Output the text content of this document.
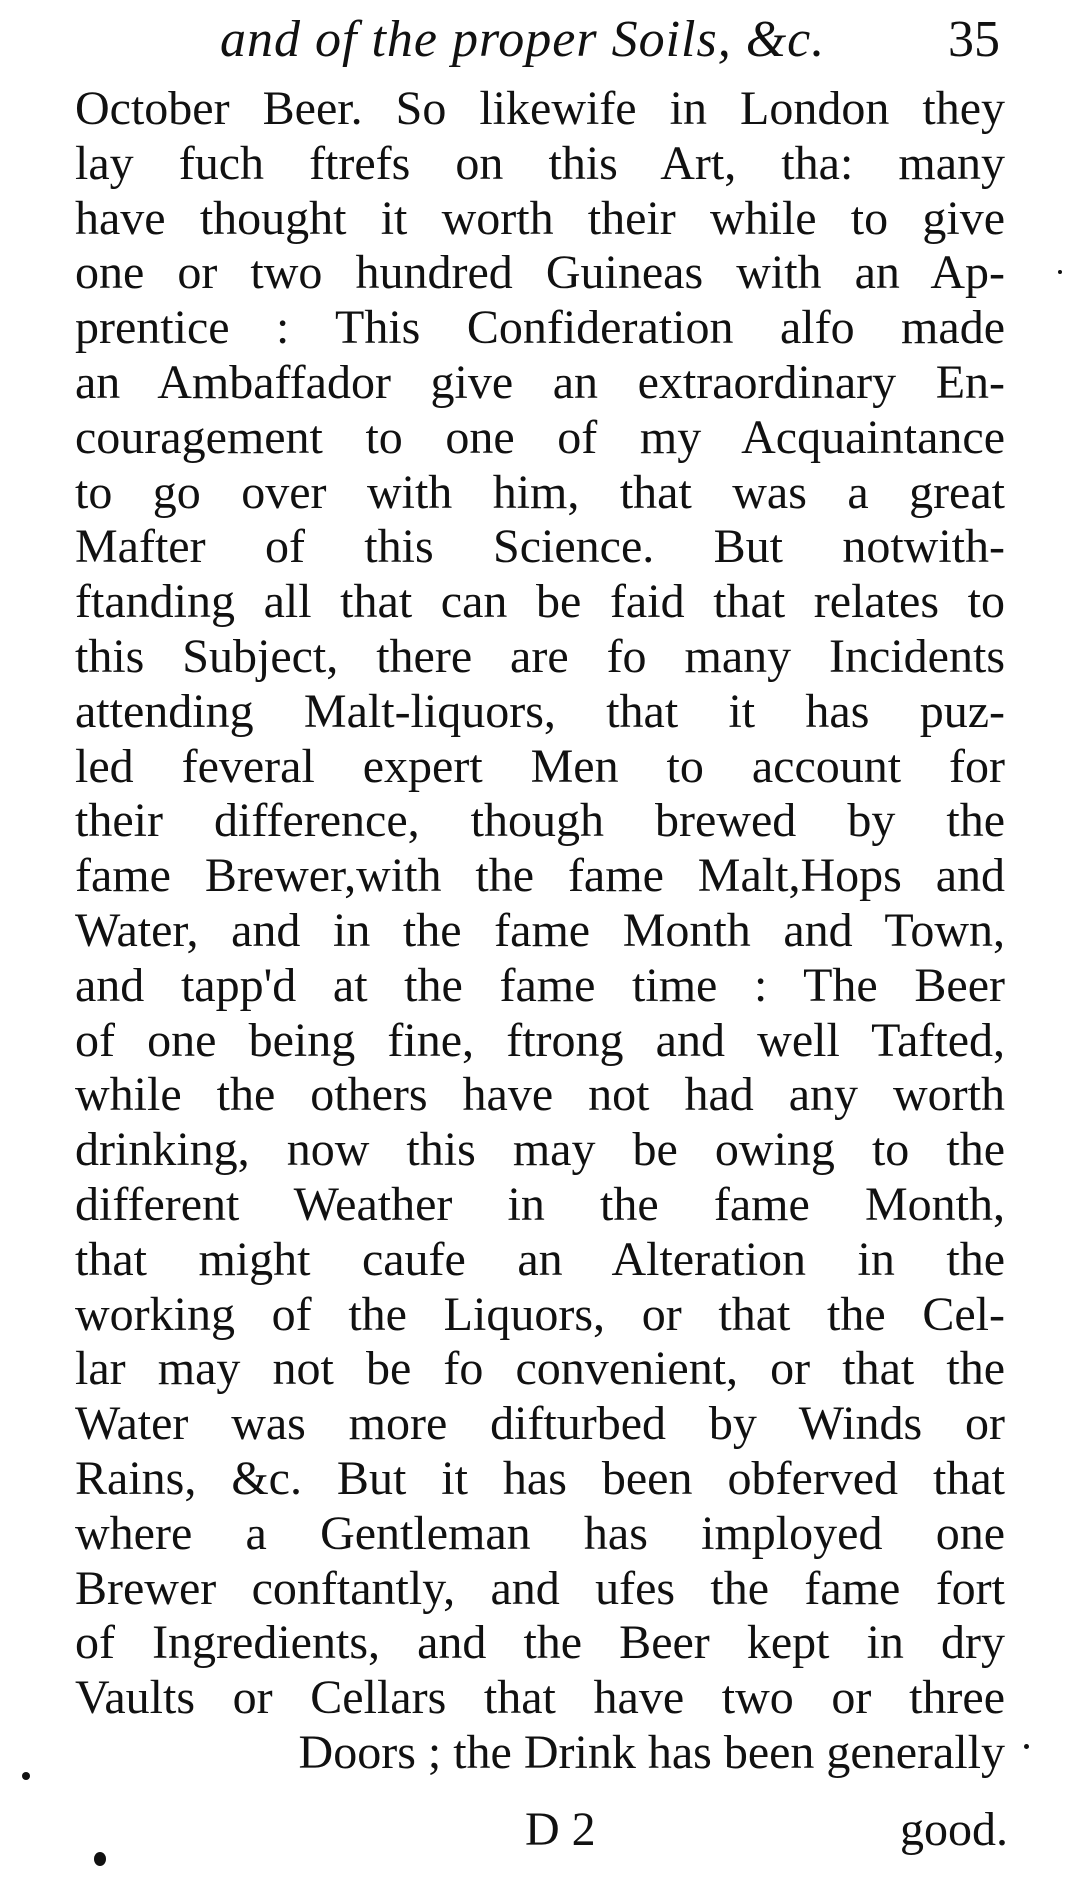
and of the proper Soils, &c. 35
October Beer. So likewife in London they
lay fuch ftrefs on this Art, tha: many
have thought it worth their while to give
one or two hundred Guineas with an Ap-
prentice : This Confideration alfo made
an Ambaffador give an extraordinary En-
couragement to one of my Acquaintance
to go over with him, that was a great
Mafter of this Science. But notwith-
ftanding all that can be faid that relates to
this Subject, there are fo many Incidents
attending Malt-liquors, that it has puz-
led feveral expert Men to account for
their difference, though brewed by the
fame Brewer,with the fame Malt,Hops and
Water, and in the fame Month and Town,
and tapp'd at the fame time : The Beer
of one being fine, ftrong and well Tafted,
while the others have not had any worth
drinking, now this may be owing to the
different Weather in the fame Month,
that might caufe an Alteration in the
working of the Liquors, or that the Cel-
lar may not be fo convenient, or that the
Water was more difturbed by Winds or
Rains, &c. But it has been obferved that
where a Gentleman has imployed one
Brewer conftantly, and ufes the fame fort
of Ingredients, and the Beer kept in dry
Vaults or Cellars that have two or three
Doors ; the Drink has been generally
D 2	good.
